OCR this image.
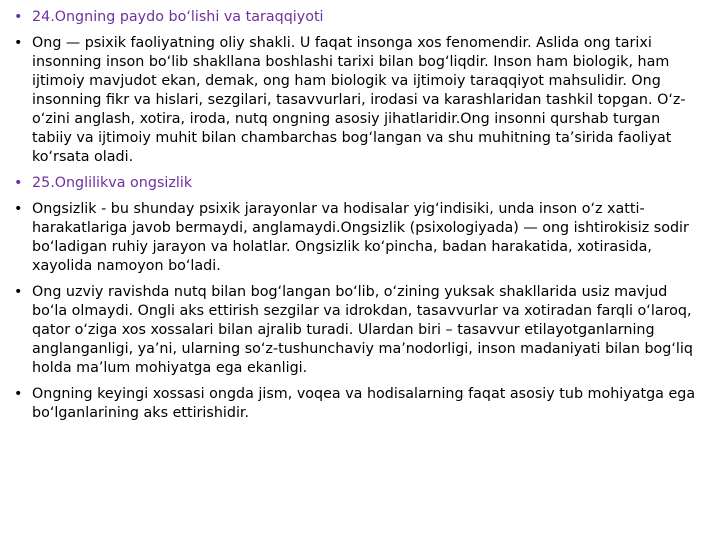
• 24.Ongning paydo bo‘lishi va taraqqiyoti
• Ong — psixik faoliyatning oliy shakli. U faqat insonga xos fenomendir. Aslida ong tarixi insonning inson bo‘lib shakllana boshlashi tarixi bilan bog‘liqdir. Inson ham biologik, ham ijtimoiy mavjudot ekan, demak, ong ham biologik va ijtimoiy taraqqiyot mahsulidir. Ong insonning fikr va hislari, sezgilari, tasavvurlari, irodasi va karashlaridan tashkil topgan. O‘z-o‘zini anglash, xotira, iroda, nutq ongning asosiy jihatlaridir.Ong insonni qurshab turgan tabiiy va ijtimoiy muhit bilan chambarchas bog‘langan va shu muhitning ta’sirida faoliyat ko‘rsata oladi.
• 25.Onglilikva ongsizlik
• Ongsizlik - bu shunday psixik jarayonlar va hodisalar yig‘indisiki, unda inson o‘z xatti-harakatlariga javob bermaydi, anglamaydi.Ongsizlik (psixologiyada) — ong ishtirokisiz sodir bo‘ladigan ruhiy jarayon va holatlar. Ongsizlik ko‘pincha, badan harakatida, xotirasida, xayolida namoyon bo‘ladi.
• Ong uzviy ravishda nutq bilan bog‘langan bo‘lib, o‘zining yuksak shakllarida usiz mavjud bo‘la olmaydi. Ongli aks ettirish sezgilar va idrokdan, tasavvurlar va xotiradan farqli o‘laroq, qator o‘ziga xos xossalari bilan ajralib turadi. Ulardan biri – tasavvur etilayotganlarning anglanganligi, ya’ni, ularning so‘z-tushunchaviy ma’nodorligi, inson madaniyati bilan bog‘liq holda ma’lum mohiyatga ega ekanligi.
• Ongning keyingi xossasi ongda jism, voqea va hodisalarning faqat asosiy tub mohiyatga ega bo‘lganlarining aks ettirishidir.
